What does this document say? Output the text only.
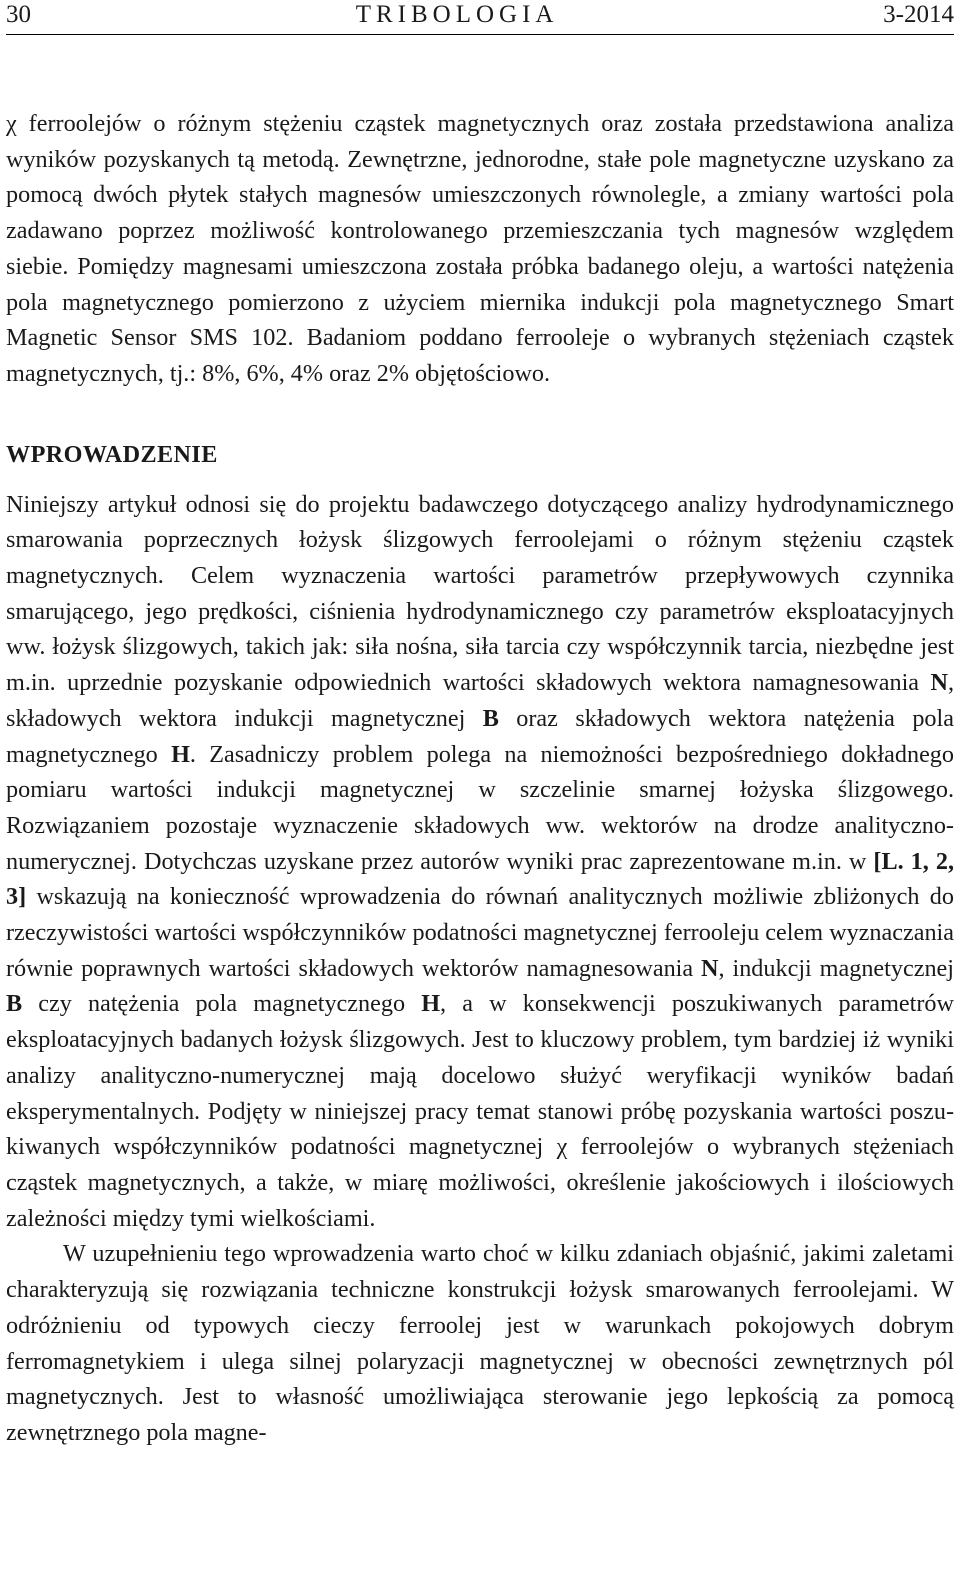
30	TRIBOLOGIA	3-2014

χ ferroolejów o różnym stężeniu cząstek magnetycznych oraz została przedstawiona analiza wyników pozyskanych tą metodą. Zewnętrzne, jednorodne, stałe pole magnetyczne uzyskano za pomocą dwóch płytek stałych magnesów umieszczonych równolegle, a zmiany wartości pola zadawano poprzez możliwość kontrolowanego przemieszczania tych magnesów względem siebie. Pomiędzy magnesami umieszczona została próbka badanego oleju, a wartości natężenia pola magnetycznego pomierzono z użyciem miernika indukcji pola magnetycznego Smart Magnetic Sensor SMS 102. Badaniom poddano ferrooleje o wybranych stężeniach cząstek magnetycznych, tj.: 8%, 6%, 4% oraz 2% objętościowo.

WPROWADZENIE

Niniejszy artykuł odnosi się do projektu badawczego dotyczącego analizy hydrodynamicznego smarowania poprzecznych łożysk ślizgowych ferroolejami o różnym stężeniu cząstek magnetycznych. Celem wyznaczenia wartości parametrów przepływowych czynnika smarującego, jego prędkości, ciśnienia hydrodynamicznego czy parametrów eksploatacyjnych ww. łożysk ślizgowych, takich jak: siła nośna, siła tarcia czy współczynnik tarcia, niezbędne jest m.in. uprzednie pozyskanie odpowiednich wartości składowych wektora namagnesowania N, składowych wektora indukcji magnetycznej B oraz składowych wektora natężenia pola magnetycznego H. Zasadniczy problem polega na niemożności bezpośredniego dokładnego pomiaru wartości indukcji magnetycznej w szczelinie smarnej łożyska ślizgowego. Rozwiązaniem pozostaje wyznaczenie składowych ww. wektorów na drodze analityczno-numerycznej. Dotychczas uzyskane przez autorów wyniki prac zaprezentowane m.in. w [L. 1, 2, 3] wskazują na konieczność wprowadzenia do równań analitycznych możliwie zbliżonych do rzeczywistości wartości współczynników podatności magnetycznej ferrooleju celem wyznaczania równie poprawnych wartości składowych wektorów namagnesowania N, indukcji magnetycznej B czy natężenia pola magnetycznego H, a w konsekwencji poszukiwanych parametrów eksploatacyjnych badanych łożysk ślizgowych. Jest to kluczowy problem, tym bardziej iż wyniki analizy analityczno-numerycznej mają docelowo służyć weryfikacji wyników badań eksperymentalnych. Podjęty w niniejszej pracy temat stanowi próbę pozyskania wartości poszukiwanych współczynników podatności magnetycznej χ ferroolejów o wybranych stężeniach cząstek magnetycznych, a także, w miarę możliwości, określenie jakościowych i ilościowych zależności między tymi wielkościami.

W uzupełnieniu tego wprowadzenia warto choć w kilku zdaniach objaśnić, jakimi zaletami charakteryzują się rozwiązania techniczne konstrukcji łożysk smarowanych ferroolejami. W odróżnieniu od typowych cieczy ferroolej jest w warunkach pokojowych dobrym ferromagnetykiem i ulega silnej polaryzacji magnetycznej w obecności zewnętrznych pól magnetycznych. Jest to własność umożliwiająca sterowanie jego lepkością za pomocą zewnętrznego pola magne-
